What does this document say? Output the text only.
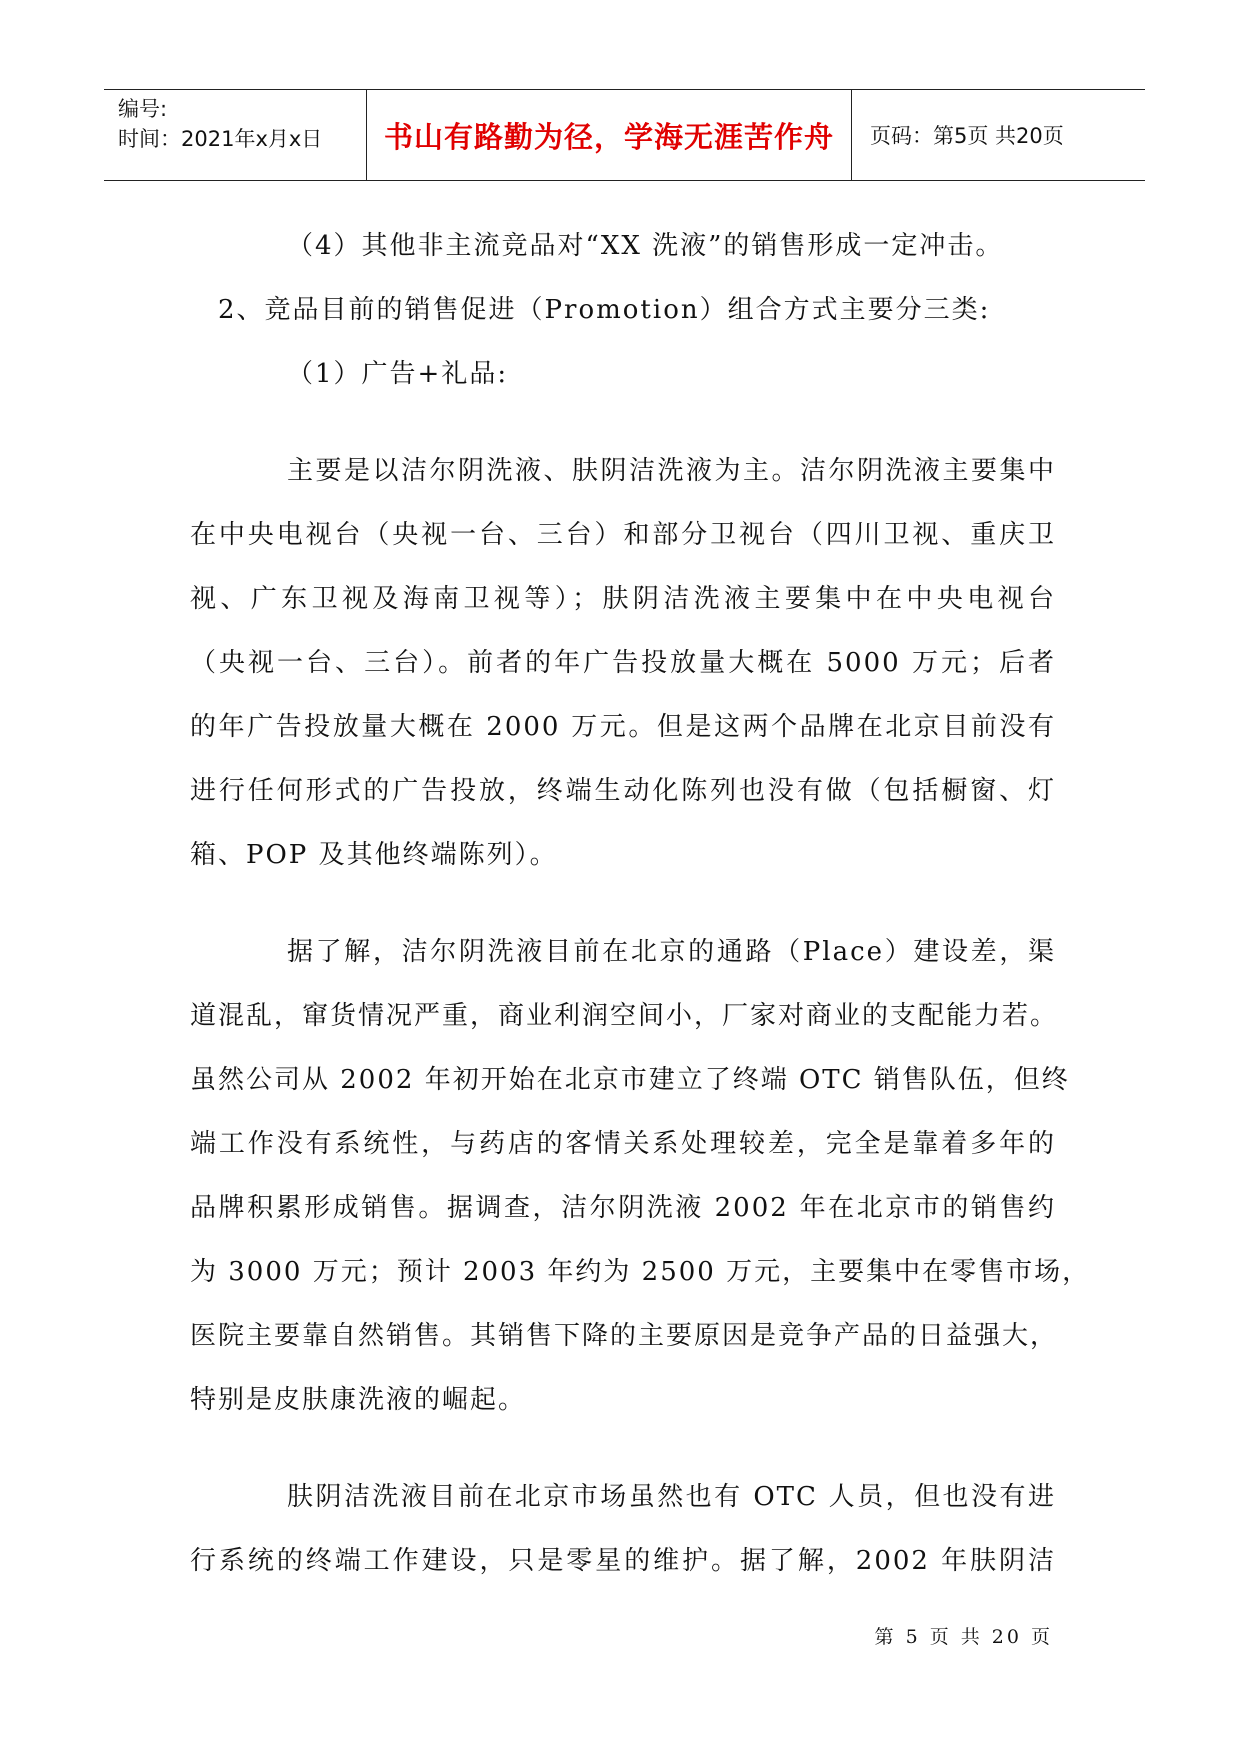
编号:
时间：2021年x月x日	书山有路勤为径，学海无涯苦作舟 页码：第5页 共20页
（4）其他非主流竞品对“XX 洗液”的销售形成一定冲击。
2、竞品目前的销售促进（Promotion）组合方式主要分三类:
（1）广告+礼品:
主要是以洁尔阴洗液、肤阴洁洗液为主。洁尔阴洗液主要集中
在中央电视台（央视一台、三台）和部分卫视台（四川卫视、重庆卫
视、广东卫视及海南卫视等）；肤阴洁洗液主要集中在中央电视台
（央视一台、三台）。前者的年广告投放量大概在 5000 万元；后者
的年广告投放量大概在 2000 万元。但是这两个品牌在北京目前没有
进行任何形式的广告投放，终端生动化陈列也没有做（包括橱窗、灯
箱、POP 及其他终端陈列）。
据了解，洁尔阴洗液目前在北京的通路（Place）建设差，渠
道混乱，窜货情况严重，商业利润空间小，厂家对商业的支配能力若。
虽然公司从 2002 年初开始在北京市建立了终端 OTC 销售队伍，但终
端工作没有系统性，与药店的客情关系处理较差，完全是靠着多年的
品牌积累形成销售。据调查，洁尔阴洗液 2002 年在北京市的销售约
为 3000 万元；预计 2003 年约为 2500 万元，主要集中在零售市场，
医院主要靠自然销售。其销售下降的主要原因是竞争产品的日益强大，
特别是皮肤康洗液的崛起。
肤阴洁洗液目前在北京市场虽然也有 OTC 人员，但也没有进
行系统的终端工作建设，只是零星的维护。据了解，2002 年肤阴洁
第 5 页 共 20 页
